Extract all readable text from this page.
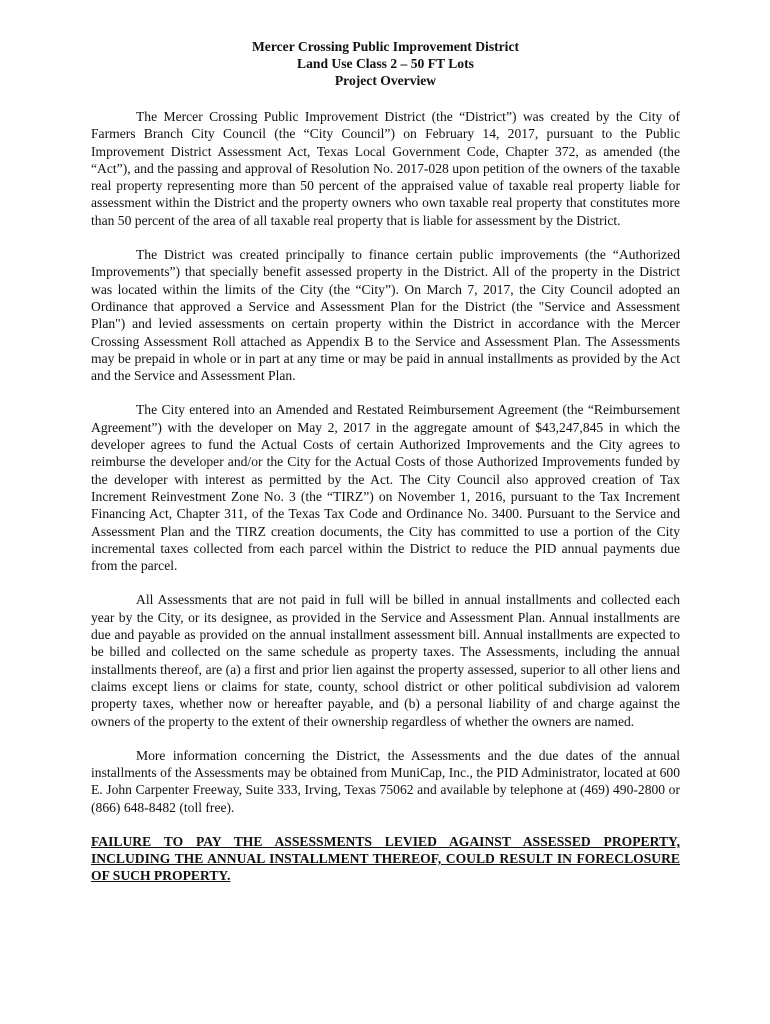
Mercer Crossing Public Improvement District
Land Use Class 2 – 50 FT Lots
Project Overview

The Mercer Crossing Public Improvement District (the “District”) was created by the City of Farmers Branch City Council (the “City Council”) on February 14, 2017, pursuant to the Public Improvement District Assessment Act, Texas Local Government Code, Chapter 372, as amended (the “Act”), and the passing and approval of Resolution No. 2017-028 upon petition of the owners of the taxable real property representing more than 50 percent of the appraised value of taxable real property liable for assessment within the District and the property owners who own taxable real property that constitutes more than 50 percent of the area of all taxable real property that is liable for assessment by the District.

The District was created principally to finance certain public improvements (the “Authorized Improvements”) that specially benefit assessed property in the District. All of the property in the District was located within the limits of the City (the “City”). On March 7, 2017, the City Council adopted an Ordinance that approved a Service and Assessment Plan for the District (the "Service and Assessment Plan") and levied assessments on certain property within the District in accordance with the Mercer Crossing Assessment Roll attached as Appendix B to the Service and Assessment Plan. The Assessments may be prepaid in whole or in part at any time or may be paid in annual installments as provided by the Act and the Service and Assessment Plan.

The City entered into an Amended and Restated Reimbursement Agreement (the “Reimbursement Agreement”) with the developer on May 2, 2017 in the aggregate amount of $43,247,845 in which the developer agrees to fund the Actual Costs of certain Authorized Improvements and the City agrees to reimburse the developer and/or the City for the Actual Costs of those Authorized Improvements funded by the developer with interest as permitted by the Act. The City Council also approved creation of Tax Increment Reinvestment Zone No. 3 (the “TIRZ”) on November 1, 2016, pursuant to the Tax Increment Financing Act, Chapter 311, of the Texas Tax Code and Ordinance No. 3400. Pursuant to the Service and Assessment Plan and the TIRZ creation documents, the City has committed to use a portion of the City incremental taxes collected from each parcel within the District to reduce the PID annual payments due from the parcel.

All Assessments that are not paid in full will be billed in annual installments and collected each year by the City, or its designee, as provided in the Service and Assessment Plan. Annual installments are due and payable as provided on the annual installment assessment bill. Annual installments are expected to be billed and collected on the same schedule as property taxes. The Assessments, including the annual installments thereof, are (a) a first and prior lien against the property assessed, superior to all other liens and claims except liens or claims for state, county, school district or other political subdivision ad valorem property taxes, whether now or hereafter payable, and (b) a personal liability of and charge against the owners of the property to the extent of their ownership regardless of whether the owners are named.

More information concerning the District, the Assessments and the due dates of the annual installments of the Assessments may be obtained from MuniCap, Inc., the PID Administrator, located at 600 E. John Carpenter Freeway, Suite 333, Irving, Texas 75062 and available by telephone at (469) 490-2800 or (866) 648-8482 (toll free).

FAILURE TO PAY THE ASSESSMENTS LEVIED AGAINST ASSESSED PROPERTY, INCLUDING THE ANNUAL INSTALLMENT THEREOF, COULD RESULT IN FORECLOSURE OF SUCH PROPERTY.
